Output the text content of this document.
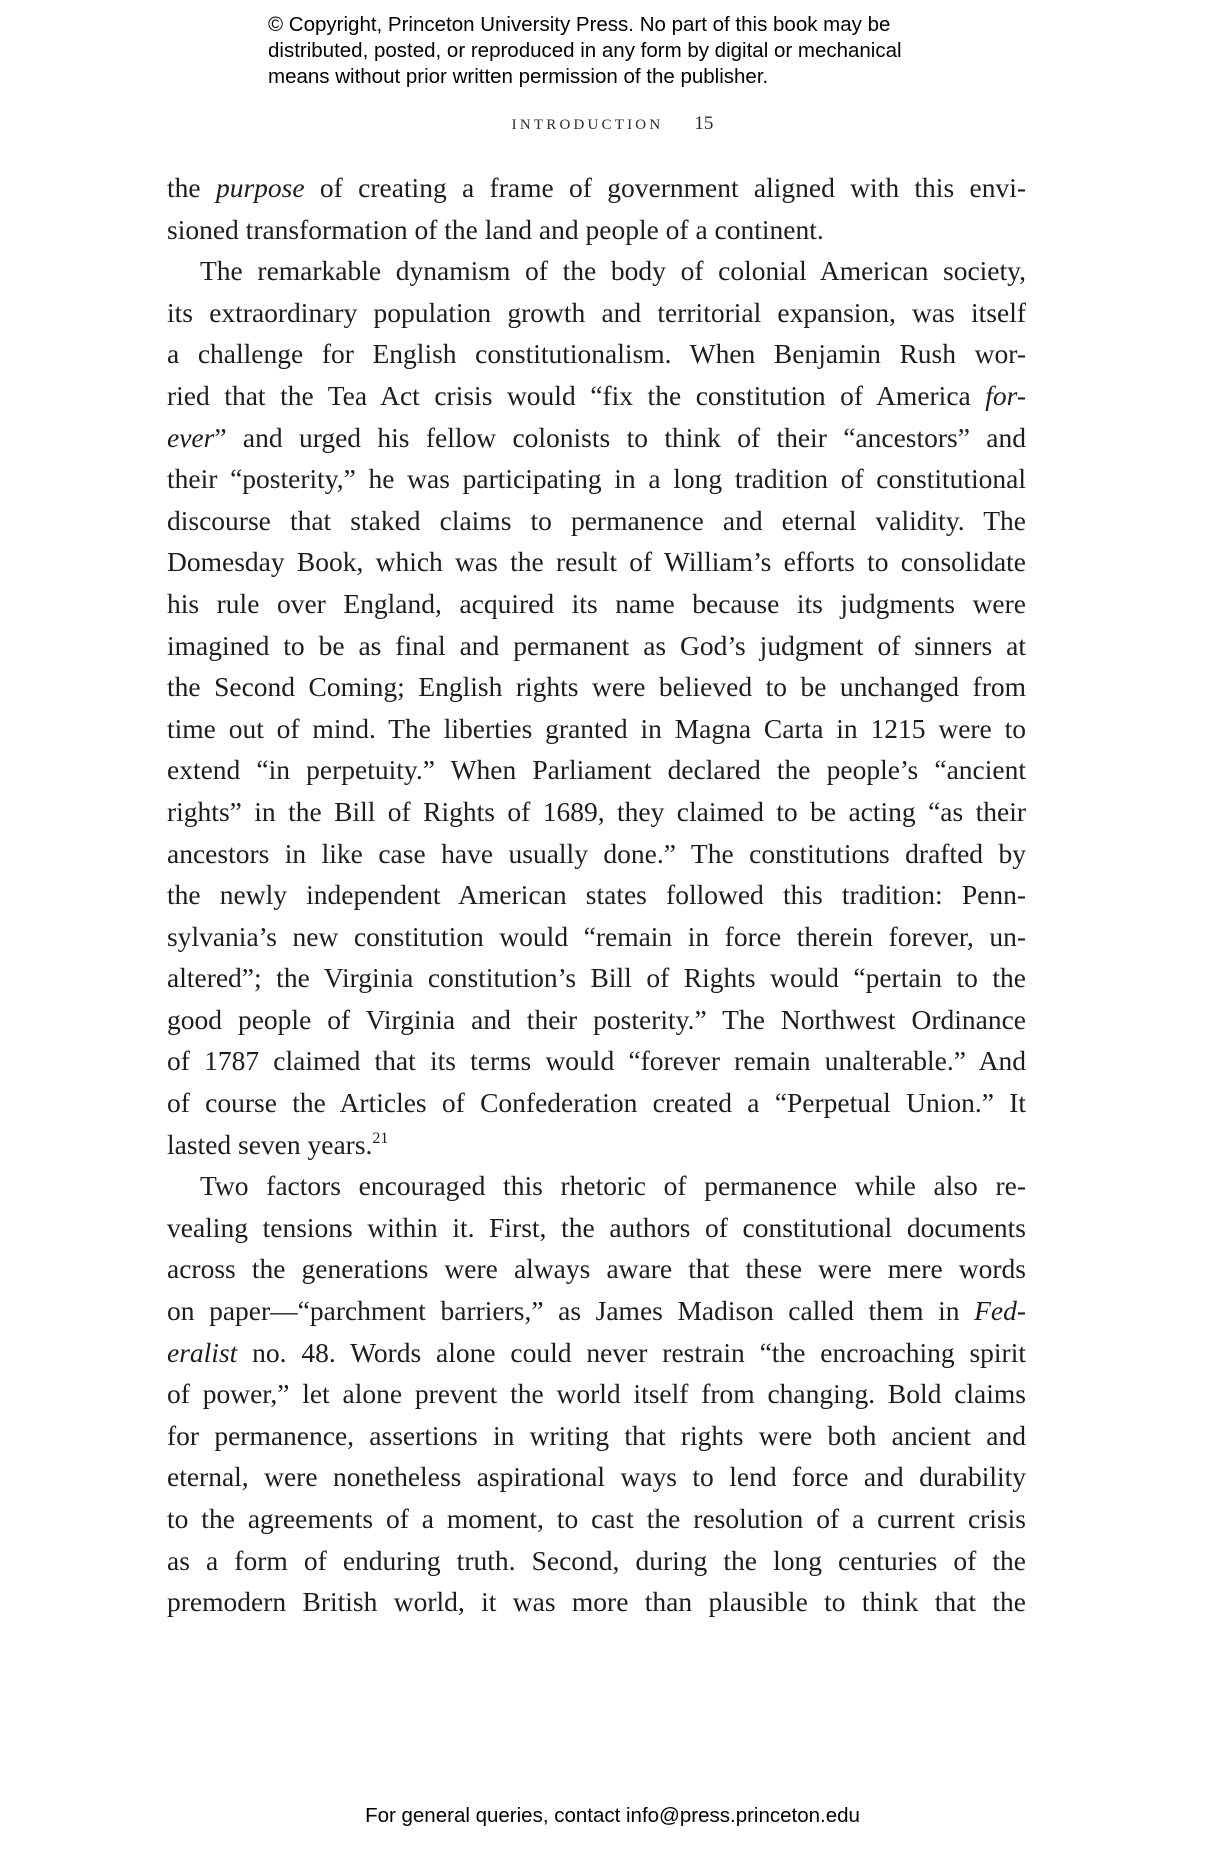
© Copyright, Princeton University Press. No part of this book may be
distributed, posted, or reproduced in any form by digital or mechanical
means without prior written permission of the publisher.
INTRODUCTION 15
the purpose of creating a frame of government aligned with this envi-
sioned transformation of the land and people of a continent.
The remarkable dynamism of the body of colonial American society,
its extraordinary population growth and territorial expansion, was itself
a challenge for English constitutionalism. When Benjamin Rush wor-
ried that the Tea Act crisis would “fix the constitution of America for-
ever” and urged his fellow colonists to think of their “ancestors” and
their “posterity,” he was participating in a long tradition of constitutional
discourse that staked claims to permanence and eternal validity. The
Domesday Book, which was the result of William’s efforts to consolidate
his rule over England, acquired its name because its judgments were
imagined to be as final and permanent as God’s judgment of sinners at
the Second Coming; English rights were believed to be unchanged from
time out of mind. The liberties granted in Magna Carta in 1215 were to
extend “in perpetuity.” When Parliament declared the people’s “ancient
rights” in the Bill of Rights of 1689, they claimed to be acting “as their
ancestors in like case have usually done.” The constitutions drafted by
the newly independent American states followed this tradition: Penn-
sylvania’s new constitution would “remain in force therein forever, un-
altered”; the Virginia constitution’s Bill of Rights would “pertain to the
good people of Virginia and their posterity.” The Northwest Ordinance
of 1787 claimed that its terms would “forever remain unalterable.” And
of course the Articles of Confederation created a “Perpetual Union.” It
lasted seven years.$^{21}$
Two factors encouraged this rhetoric of permanence while also re-
vealing tensions within it. First, the authors of constitutional documents
across the generations were always aware that these were mere words
on paper—“parchment barriers,” as James Madison called them in Fed-
eralist no. 48. Words alone could never restrain “the encroaching spirit
of power,” let alone prevent the world itself from changing. Bold claims
for permanence, assertions in writing that rights were both ancient and
eternal, were nonetheless aspirational ways to lend force and durability
to the agreements of a moment, to cast the resolution of a current crisis
as a form of enduring truth. Second, during the long centuries of the
premodern British world, it was more than plausible to think that the
For general queries, contact info@press.princeton.edu
